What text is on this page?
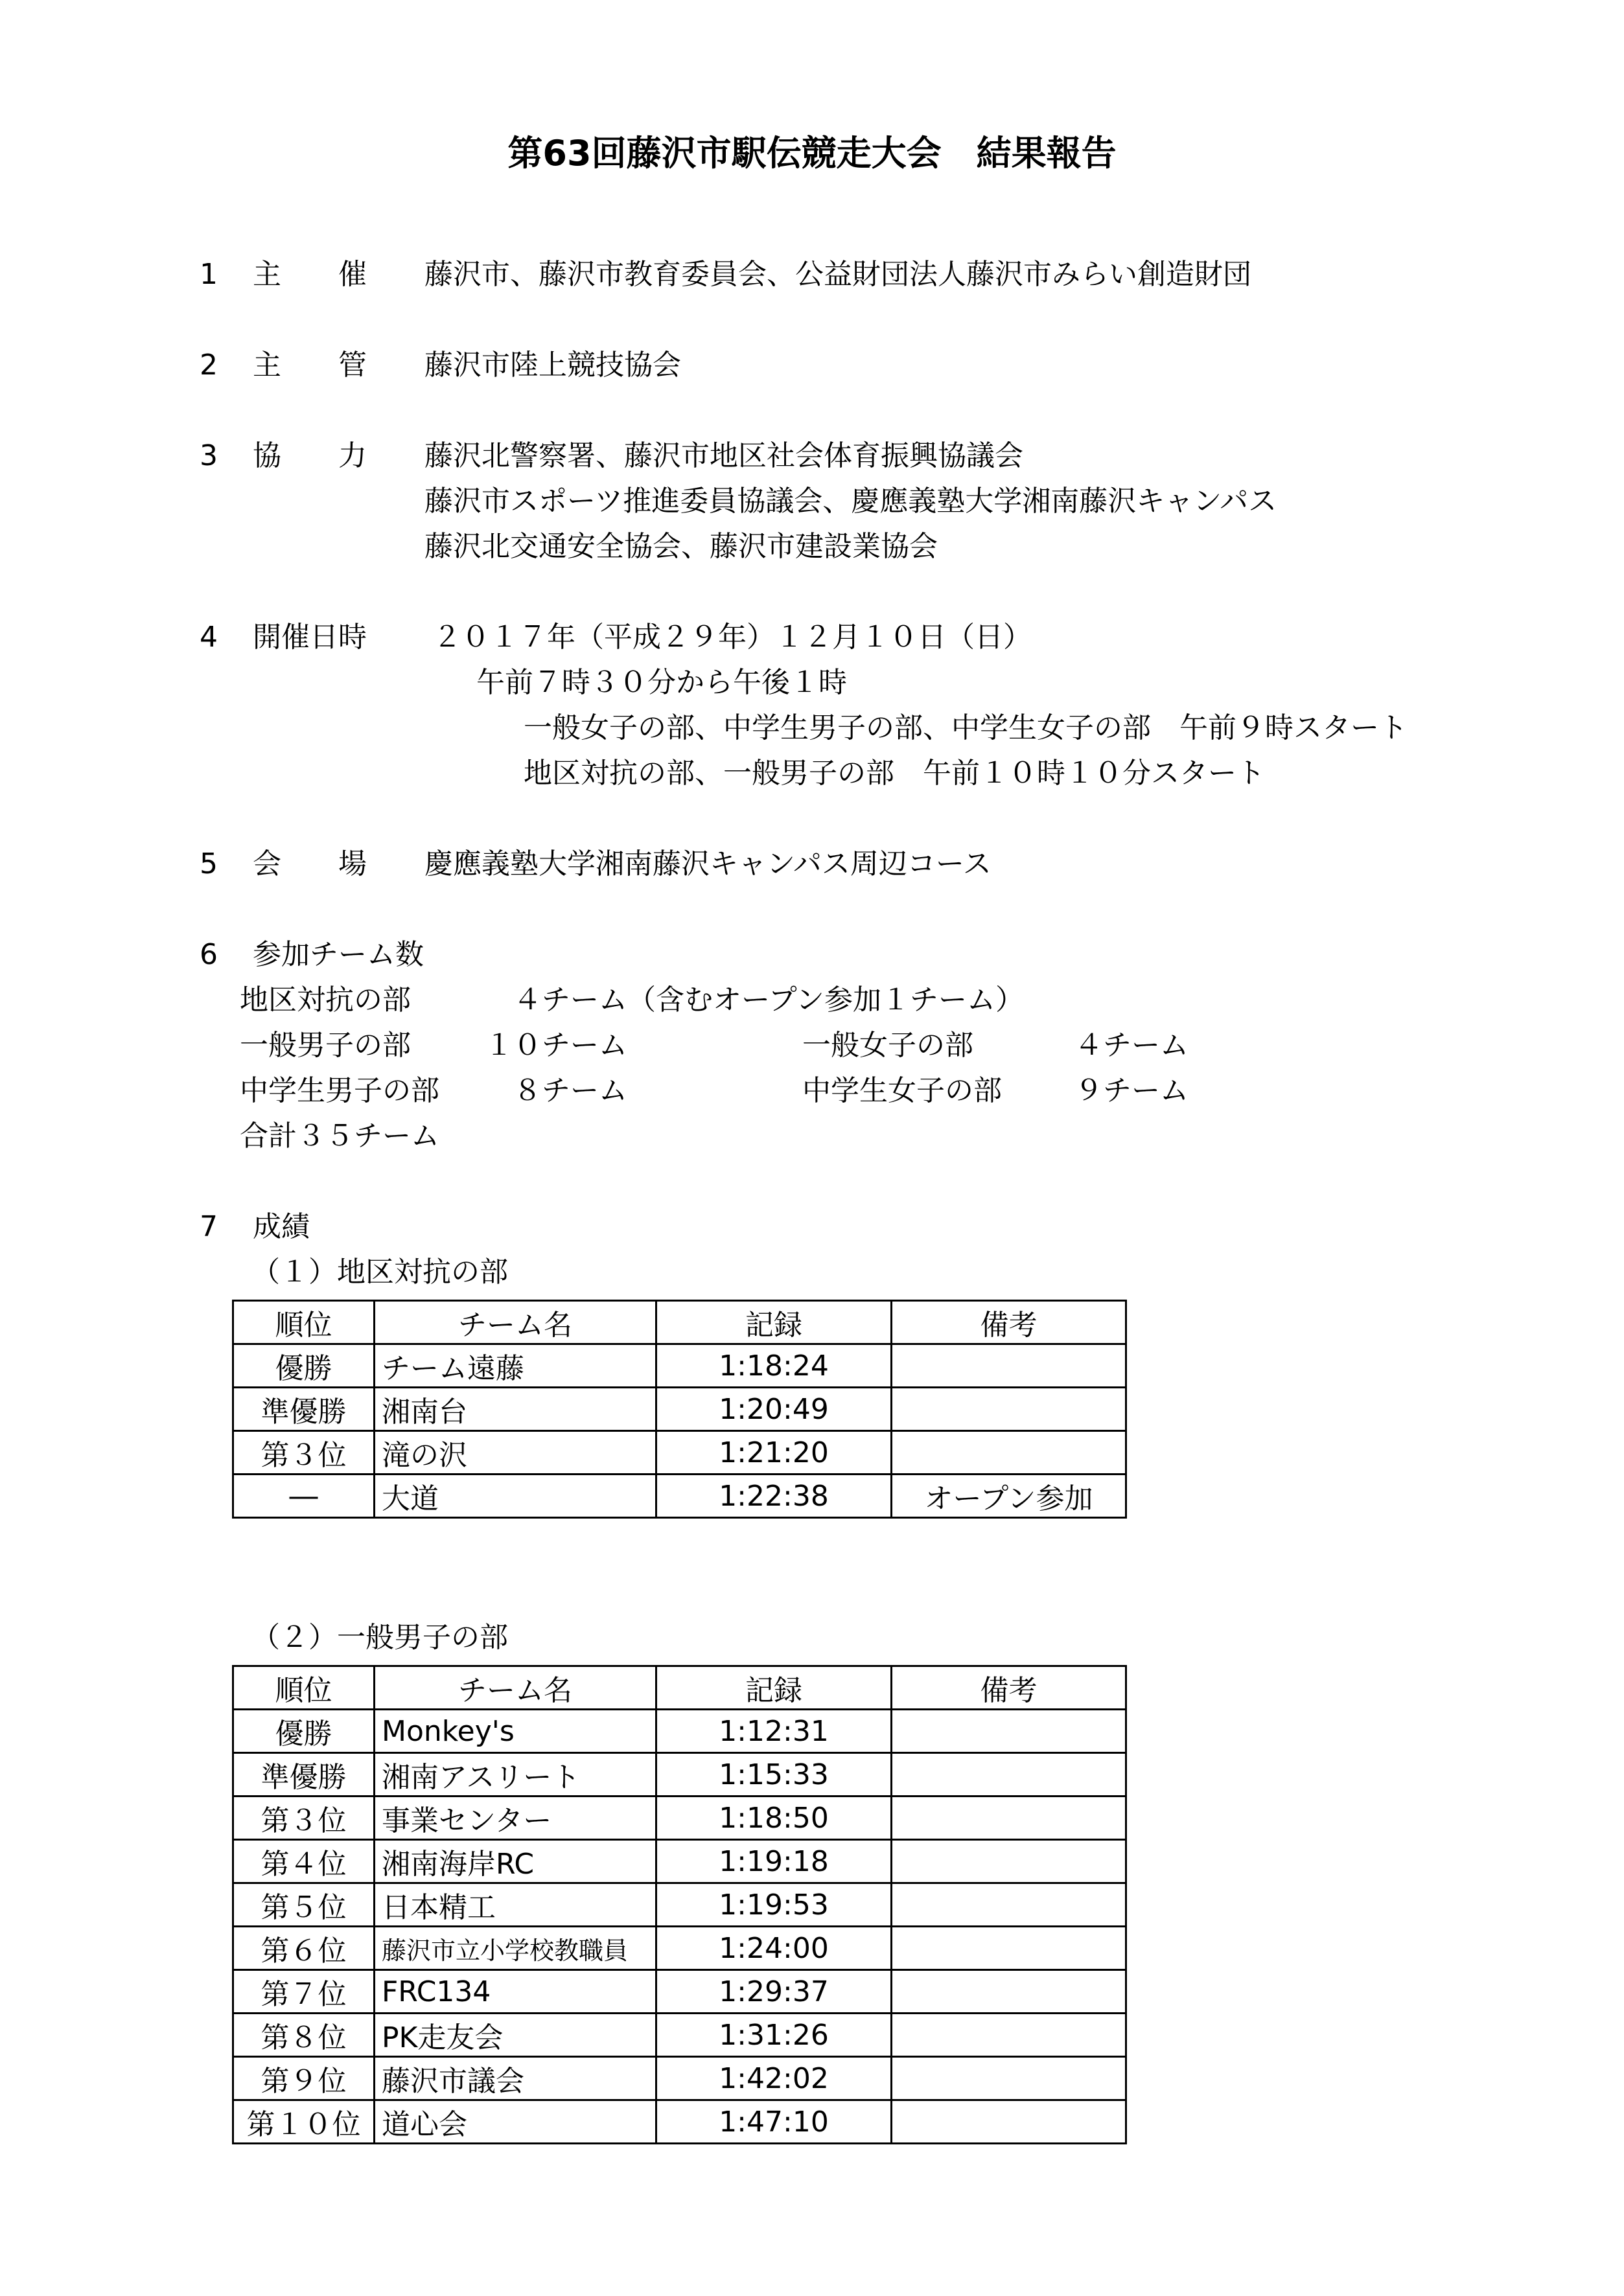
第63回藤沢市駅伝競走大会　結果報告
1 主　　催 藤沢市、藤沢市教育委員会、公益財団法人藤沢市みらい創造財団
2 主　　管 藤沢市陸上競技協会
3 協　　力 藤沢北警察署、藤沢市地区社会体育振興協議会
藤沢市スポーツ推進委員協議会、慶應義塾大学湘南藤沢キャンパス
藤沢北交通安全協会、藤沢市建設業協会
4 開催日時 ２０１７年（平成２９年）１２月１０日（日）
午前７時３０分から午後１時
一般女子の部、中学生男子の部、中学生女子の部　午前９時スタート
地区対抗の部、一般男子の部　午前１０時１０分スタート
5 会　　場 慶應義塾大学湘南藤沢キャンパス周辺コース
6 参加チーム数
地区対抗の部	４チーム（含むオープン参加１チーム）
一般男子の部	１０チーム	一般女子の部	４チーム
中学生男子の部	８チーム	中学生女子の部	９チーム
合計３５チーム
7 成績
（１）地区対抗の部
順位	チーム名	記録	備考
優勝	チーム遠藤	1:18:24	
準優勝	湘南台	1:20:49	
第３位	滝の沢	1:21:20	
―	大道	1:22:38	オープン参加
（２）一般男子の部
順位	チーム名	記録	備考
優勝	Monkey's	1:12:31	
準優勝	湘南アスリート	1:15:33	
第３位	事業センター	1:18:50	
第４位	湘南海岸RC	1:19:18	
第５位	日本精工	1:19:53	
第６位	藤沢市立小学校教職員	1:24:00	
第７位	FRC134	1:29:37	
第８位	PK走友会	1:31:26	
第９位	藤沢市議会	1:42:02	
第１０位	道心会	1:47:10	
